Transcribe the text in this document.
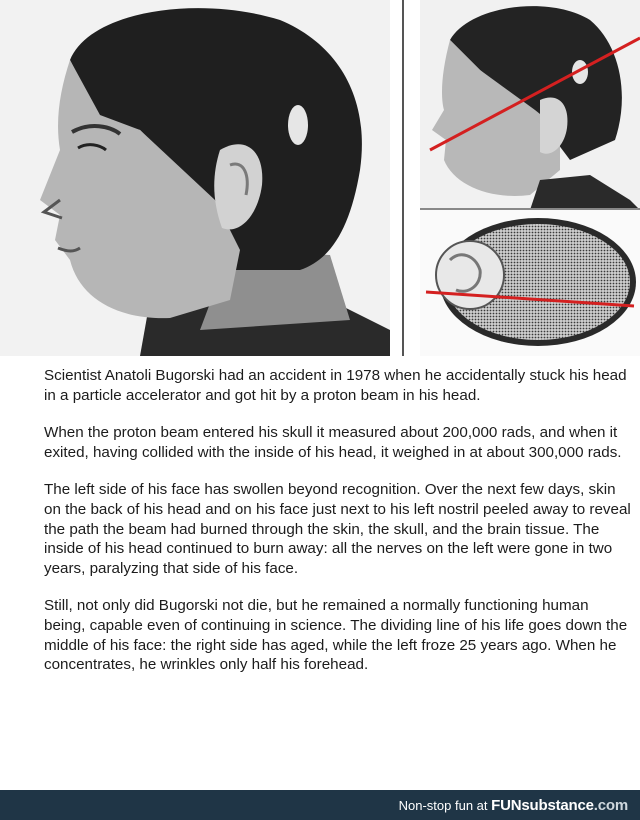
Scientist Anatoli Bugorski had an accident in 1978 when he accidentally stuck his head in a particle accelerator and got hit by a proton beam in his head.

When the proton beam entered his skull it measured about 200,000 rads, and when it exited, having collided with the inside of his head, it weighed in at about 300,000 rads.

The left side of his face has swollen beyond recognition. Over the next few days, skin on the back of his head and on his face just next to his left nostril peeled away to reveal the path the beam had burned through the skin, the skull, and the brain tissue. The inside of his head continued to burn away: all the nerves on the left were gone in two years, paralyzing that side of his face.

Still, not only did Bugorski not die, but he remained a normally functioning human being, capable even of continuing in science. The dividing line of his life goes down the middle of his face: the right side has aged, while the left froze 25 years ago. When he concentrates, he wrinkles only half his forehead.

Non-stop fun at FUNsubstance.com
